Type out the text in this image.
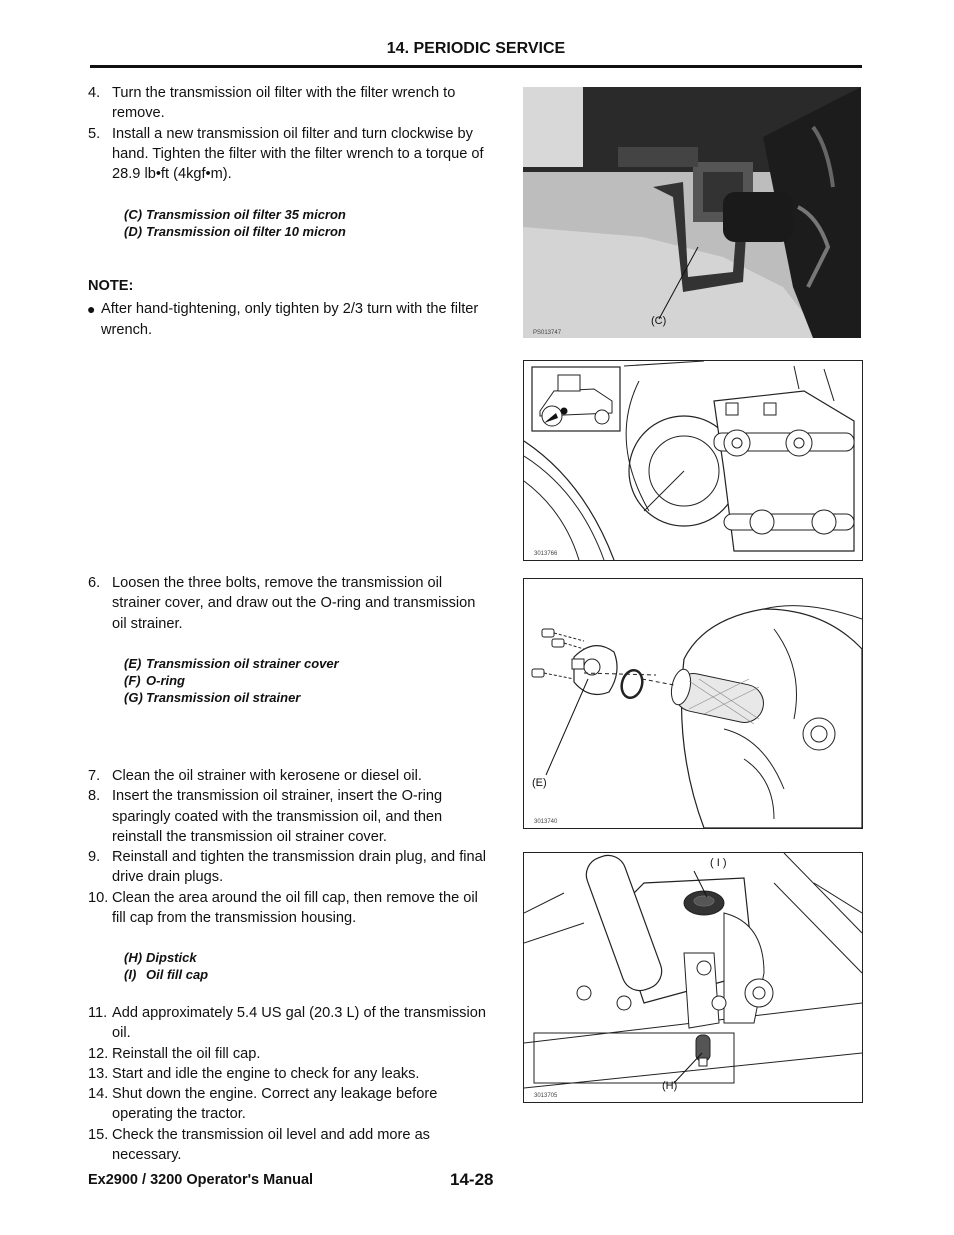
14. PERIODIC SERVICE
4. Turn the transmission oil filter with the filter wrench to remove.
5. Install a new transmission oil filter and turn clockwise by hand. Tighten the filter with the filter wrench to a torque of 28.9 lb•ft (4kgf•m).
(C) Transmission oil filter 35 micron
(D) Transmission oil filter 10 micron
NOTE:
● After hand-tightening, only tighten by 2/3 turn with the filter wrench.
6. Loosen the three bolts, remove the transmission oil strainer cover, and draw out the O-ring and transmission oil strainer.
(E) Transmission oil strainer cover
(F) O-ring
(G) Transmission oil strainer
7. Clean the oil strainer with kerosene or diesel oil.
8. Insert the transmission oil strainer, insert the O-ring sparingly coated with the transmission oil, and then reinstall the transmission oil strainer cover.
9. Reinstall and tighten the transmission drain plug, and final drive drain plugs.
10. Clean the area around the oil fill cap, then remove the oil fill cap from the transmission housing.
(H) Dipstick
(I) Oil fill cap
11. Add approximately 5.4 US gal (20.3 L) of the transmission oil.
12. Reinstall the oil fill cap.
13. Start and idle the engine to check for any leaks.
14. Shut down the engine. Correct any leakage before operating the tractor.
15. Check the transmission oil level and add more as necessary.
(C)
PS013747
3013766
(E)
3013740
( I )
(H)
3013705
Ex2900 / 3200 Operator's Manual	14-28
